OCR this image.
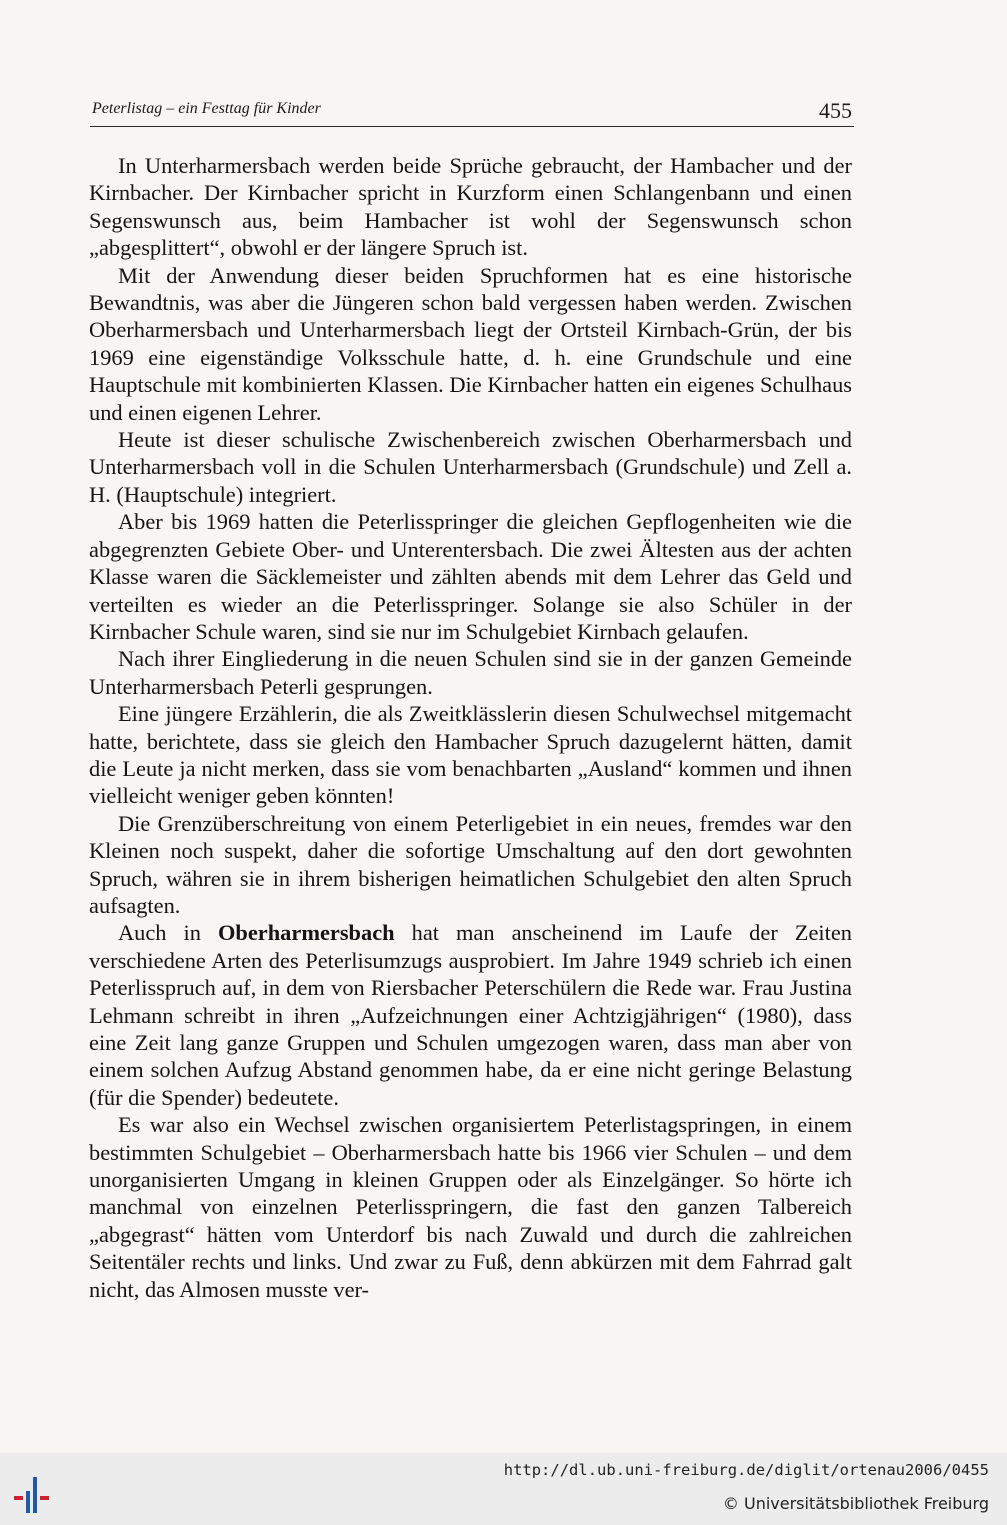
Peterlistag – ein Festtag für Kinder	455

In Unterharmersbach werden beide Sprüche gebraucht, der Hambacher und der Kirnbacher. Der Kirnbacher spricht in Kurzform einen Schlangenbann und einen Segenswunsch aus, beim Hambacher ist wohl der Segenswunsch schon „abgesplittert“, obwohl er der längere Spruch ist.

Mit der Anwendung dieser beiden Spruchformen hat es eine historische Bewandtnis, was aber die Jüngeren schon bald vergessen haben werden. Zwischen Oberharmersbach und Unterharmersbach liegt der Ortsteil Kirnbach-Grün, der bis 1969 eine eigenständige Volksschule hatte, d. h. eine Grundschule und eine Hauptschule mit kombinierten Klassen. Die Kirnbacher hatten ein eigenes Schulhaus und einen eigenen Lehrer.

Heute ist dieser schulische Zwischenbereich zwischen Oberharmersbach und Unterharmersbach voll in die Schulen Unterharmersbach (Grundschule) und Zell a. H. (Hauptschule) integriert.

Aber bis 1969 hatten die Peterlisspringer die gleichen Gepflogenheiten wie die abgegrenzten Gebiete Ober- und Unterentersbach. Die zwei Ältesten aus der achten Klasse waren die Säcklemeister und zählten abends mit dem Lehrer das Geld und verteilten es wieder an die Peterlisspringer. Solange sie also Schüler in der Kirnbacher Schule waren, sind sie nur im Schulgebiet Kirnbach gelaufen.

Nach ihrer Eingliederung in die neuen Schulen sind sie in der ganzen Gemeinde Unterharmersbach Peterli gesprungen.

Eine jüngere Erzählerin, die als Zweitklässlerin diesen Schulwechsel mitgemacht hatte, berichtete, dass sie gleich den Hambacher Spruch dazugelernt hätten, damit die Leute ja nicht merken, dass sie vom benachbarten „Ausland“ kommen und ihnen vielleicht weniger geben könnten!

Die Grenzüberschreitung von einem Peterligebiet in ein neues, fremdes war den Kleinen noch suspekt, daher die sofortige Umschaltung auf den dort gewohnten Spruch, währen sie in ihrem bisherigen heimatlichen Schulgebiet den alten Spruch aufsagten.

Auch in Oberharmersbach hat man anscheinend im Laufe der Zeiten verschiedene Arten des Peterlisumzugs ausprobiert. Im Jahre 1949 schrieb ich einen Peterlisspruch auf, in dem von Riersbacher Peterschülern die Rede war. Frau Justina Lehmann schreibt in ihren „Aufzeichnungen einer Achtzigjährigen“ (1980), dass eine Zeit lang ganze Gruppen und Schulen umgezogen waren, dass man aber von einem solchen Aufzug Abstand genommen habe, da er eine nicht geringe Belastung (für die Spender) bedeutete.

Es war also ein Wechsel zwischen organisiertem Peterlistagspringen, in einem bestimmten Schulgebiet – Oberharmersbach hatte bis 1966 vier Schulen – und dem unorganisierten Umgang in kleinen Gruppen oder als Einzelgänger. So hörte ich manchmal von einzelnen Peterlisspringern, die fast den ganzen Talbereich „abgegrast“ hätten vom Unterdorf bis nach Zuwald und durch die zahlreichen Seitentäler rechts und links. Und zwar zu Fuß, denn abkürzen mit dem Fahrrad galt nicht, das Almosen musste ver-

http://dl.ub.uni-freiburg.de/diglit/ortenau2006/0455
© Universitätsbibliothek Freiburg
